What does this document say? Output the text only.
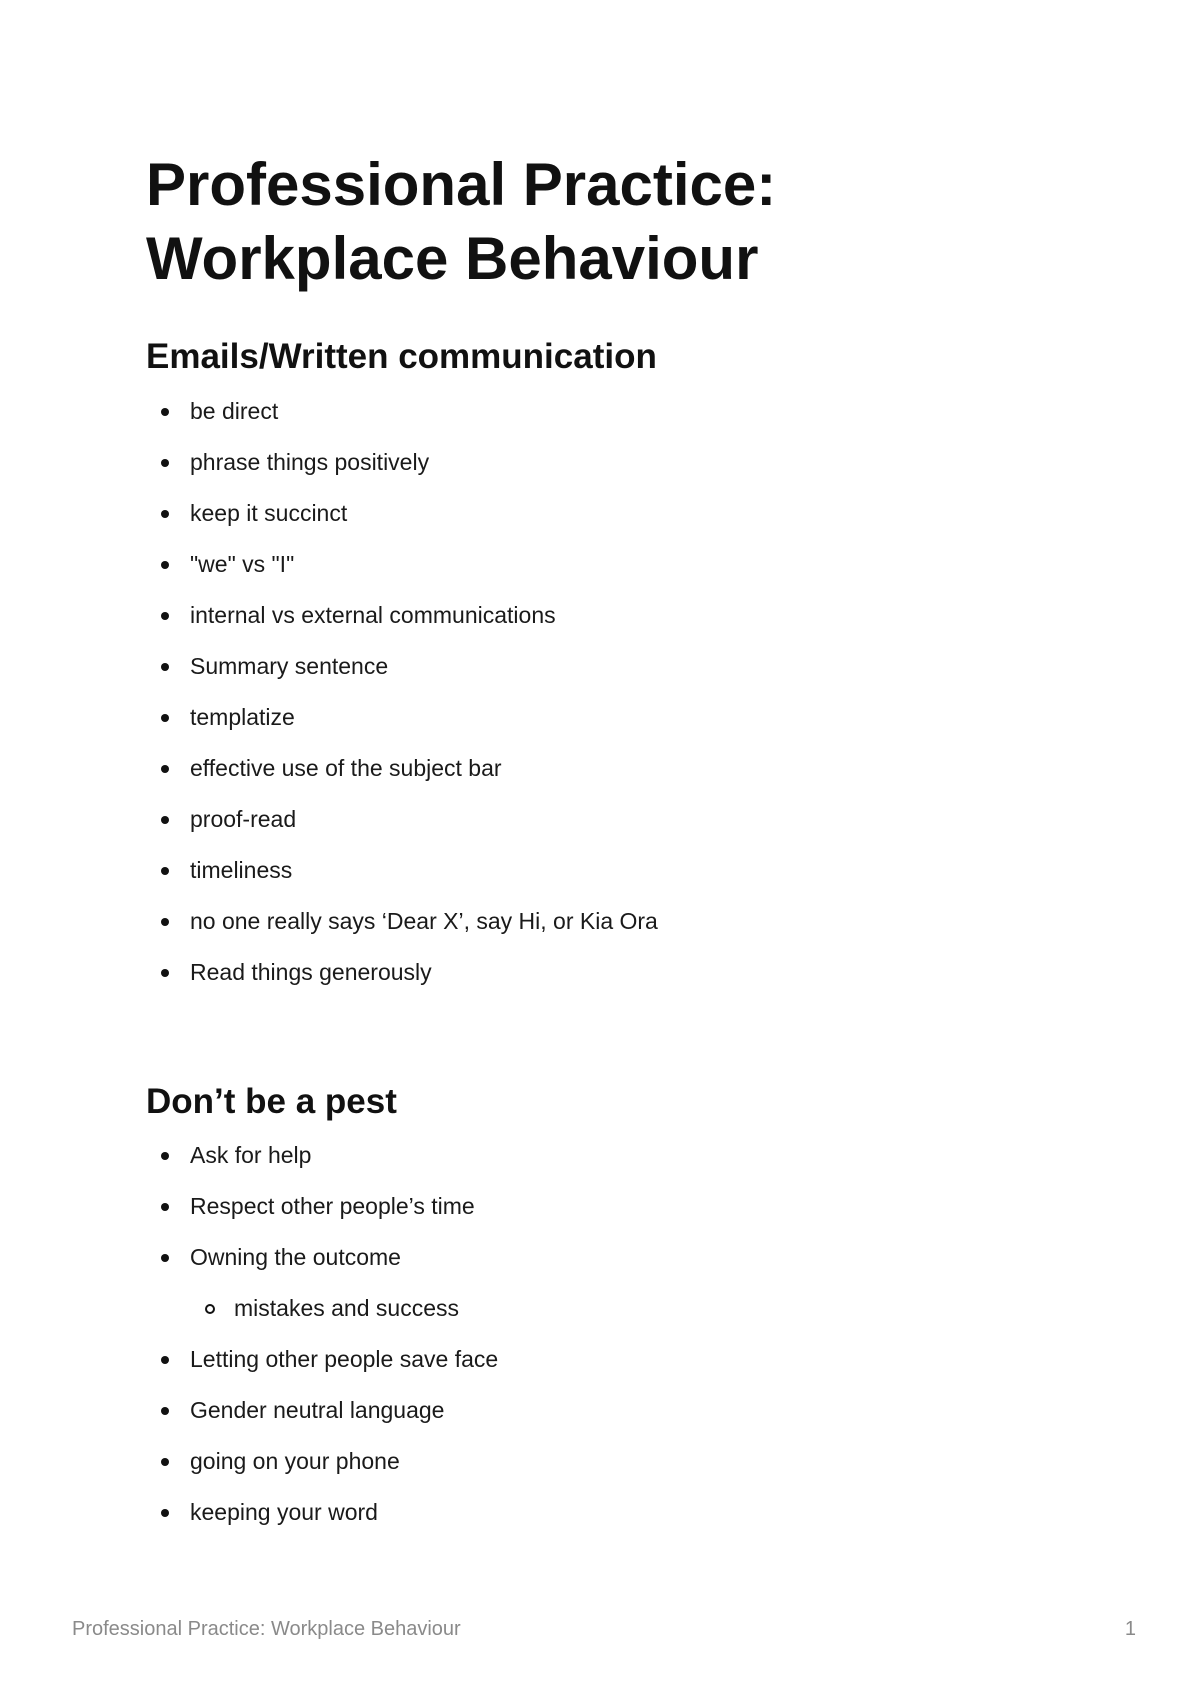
Professional Practice:
Workplace Behaviour
Emails/Written communication
be direct
phrase things positively
keep it succinct
"we" vs "I"
internal vs external communications
Summary sentence
templatize
effective use of the subject bar
proof-read
timeliness
no one really says ‘Dear X’, say Hi, or Kia Ora
Read things generously
Don’t be a pest
Ask for help
Respect other people’s time
Owning the outcome
mistakes and success
Letting other people save face
Gender neutral language
going on your phone
keeping your word
Professional Practice: Workplace Behaviour	1
